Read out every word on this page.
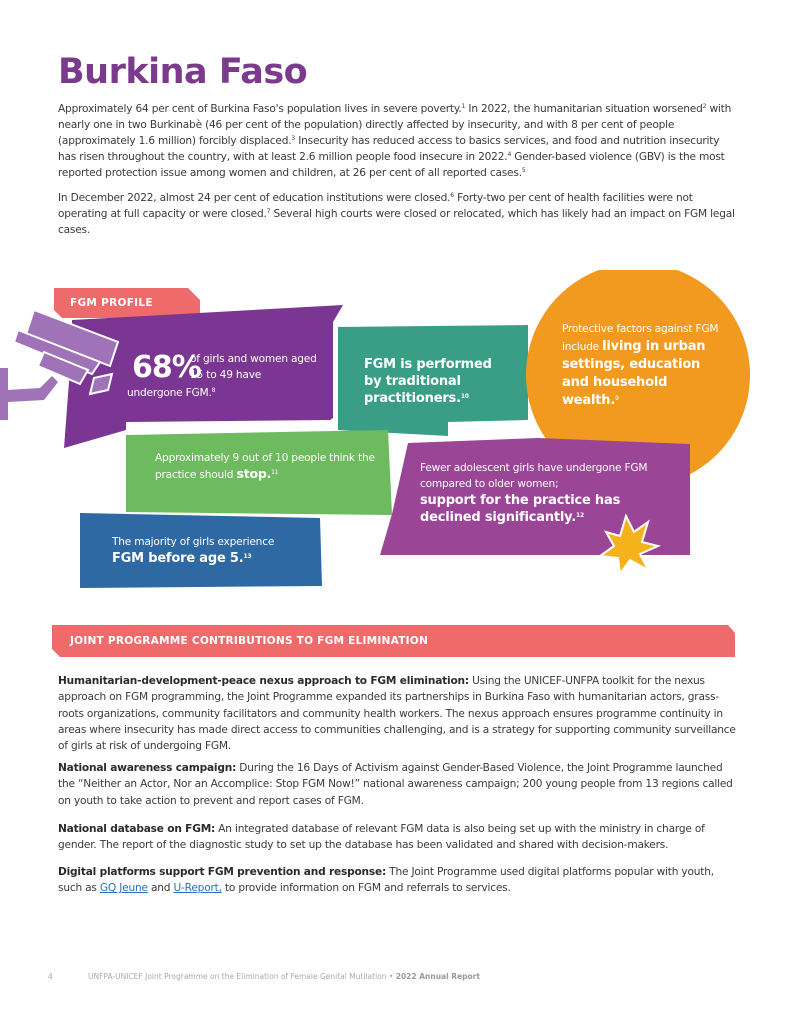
Burkina Faso

Approximately 64 per cent of Burkina Faso's population lives in severe poverty.$^1$ In 2022, the humanitarian situation worsened$^2$ with nearly one in two Burkinabè (46 per cent of the population) directly affected by insecurity, and with 8 per cent of people (approximately 1.6 million) forcibly displaced.$^3$ Insecurity has reduced access to basics services, and food and nutrition insecurity has risen throughout the country, with at least 2.6 million people food insecure in 2022.$^4$ Gender-based violence (GBV) is the most reported protection issue among women and children, at 26 per cent of all reported cases.$^5$

In December 2022, almost 24 per cent of education institutions were closed.$^6$ Forty-two per cent of health facilities were not operating at full capacity or were closed.$^7$ Several high courts were closed or relocated, which has likely had an impact on FGM legal cases.

FGM PROFILE
68%
of girls and women aged 15 to 49 have
undergone FGM.$^8$
FGM is performed by traditional practitioners.$^{10}$
Protective factors against FGM include living in urban settings, education and household wealth.$^9$
Approximately 9 out of 10 people think the practice should stop.$^{11}$	Fewer adolescent girls have undergone FGM compared to older women;
support for the practice has declined significantly.$^{12}$
The majority of girls experience
FGM before age 5.13
JOINT PROGRAMME CONTRIBUTIONS TO FGM ELIMINATION

Humanitarian-development-peace nexus approach to FGM elimination: Using the UNICEF-UNFPA toolkit for the nexus approach on FGM programming, the Joint Programme expanded its partnerships in Burkina Faso with humanitarian actors, grass-roots organizations, community facilitators and community health workers. The nexus approach ensures programme continuity in areas where insecurity has made direct access to communities challenging, and is a strategy for supporting community surveillance of girls at risk of undergoing FGM.

National awareness campaign: During the 16 Days of Activism against Gender-Based Violence, the Joint Programme launched the “Neither an Actor, Nor an Accomplice: Stop FGM Now!” national awareness campaign; 200 young people from 13 regions called on youth to take action to prevent and report cases of FGM.

National database on FGM: An integrated database of relevant FGM data is also being set up with the ministry in charge of gender. The report of the diagnostic study to set up the database has been validated and shared with decision-makers.

Digital platforms support FGM prevention and response: The Joint Programme used digital platforms popular with youth, such as GQ Jeune and U-Report, to provide information on FGM and referrals to services.

4	UNFPA-UNICEF Joint Programme on the Elimination of Female Genital Mutilation • 2022 Annual Report
